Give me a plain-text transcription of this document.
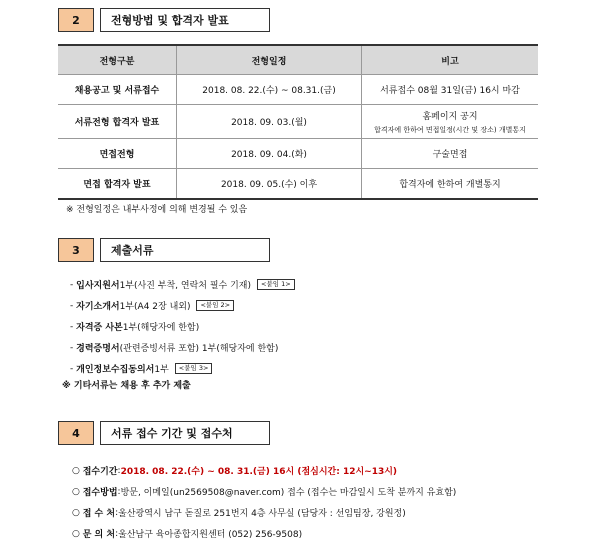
2	전형방법 및 합격자 발표
전형구분	전형일정	비고
채용공고 및 서류접수	2018. 08. 22.(수) ~ 08.31.(금)	서류접수 08월 31일(금) 16시 마감
서류전형 합격자 발표	2018. 09. 03.(월)	홈페이지 공지
합격자에 한하여 면접일정(시간 및 장소) 개별통지

면접전형	2018. 09. 04.(화)	구술면접
면접 합격자 발표	2018. 09. 05.(수) 이후	합격자에 한하여 개별통지
※ 전형일정은 내부사정에 의해 변경될 수 있음
3	제출서류
-
입사지원서 1부(사진 부착, 연락처 필수 기재)	<붙임 1>
-
자기소개서 1부(A4 2장 내외)	<붙임 2>
-
자격증 사본 1부(해당자에 한함)
-
경력증명서 (관련증빙서류 포함) 1부(해당자에 한함)
-
개인정보수집동의서 1부	<붙임 3>
※ 기타서류는 채용 후 추가 제출
4	서류 접수 기간 및 접수처
○
접수기간 : 2018. 08. 22.(수) ~ 08. 31.(금) 16시 (점심시간: 12시~13시)
○
접수방법 : 방문, 이메일(un2569508@naver.com) 접수 (접수는 마감일시 도착 분까지 유효함)
○
접 수 처 : 울산광역시 남구 돋질로 251번지 4층 사무실 (담당자 : 선임팀장, 강원정)
○
문 의 처 : 울산남구 육아종합지원센터 (052) 256-9508)
